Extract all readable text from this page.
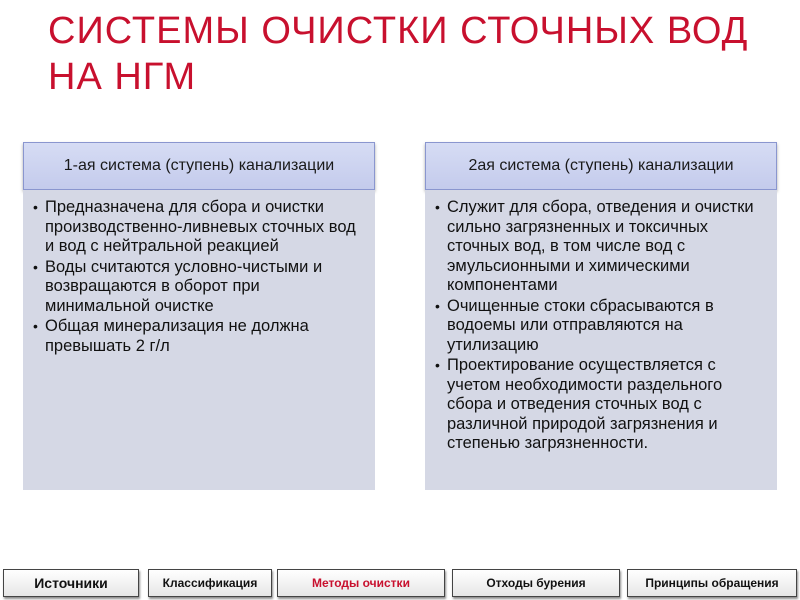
СИСТЕМЫ ОЧИСТКИ СТОЧНЫХ ВОД
НА НГМ
1-ая система (ступень) канализации
• Предназначена для сбора и очистки производственно-ливневых сточных вод и вод с нейтральной реакцией
• Воды считаются условно-чистыми и возвращаются в оборот при минимальной очистке
• Общая минерализация не должна превышать 2 г/л
2ая система (ступень) канализации
• Служит для сбора, отведения и очистки сильно загрязненных и токсичных сточных вод, в том числе вод с эмульсионными и химическими компонентами
• Очищенные стоки сбрасываются в водоемы или отправляются на утилизацию
• Проектирование осуществляется с учетом необходимости раздельного сбора и отведения сточных вод с различной природой загрязнения и степенью загрязненности.
Источники	Классификация	Методы очистки	Отходы бурения	Принципы обращения
